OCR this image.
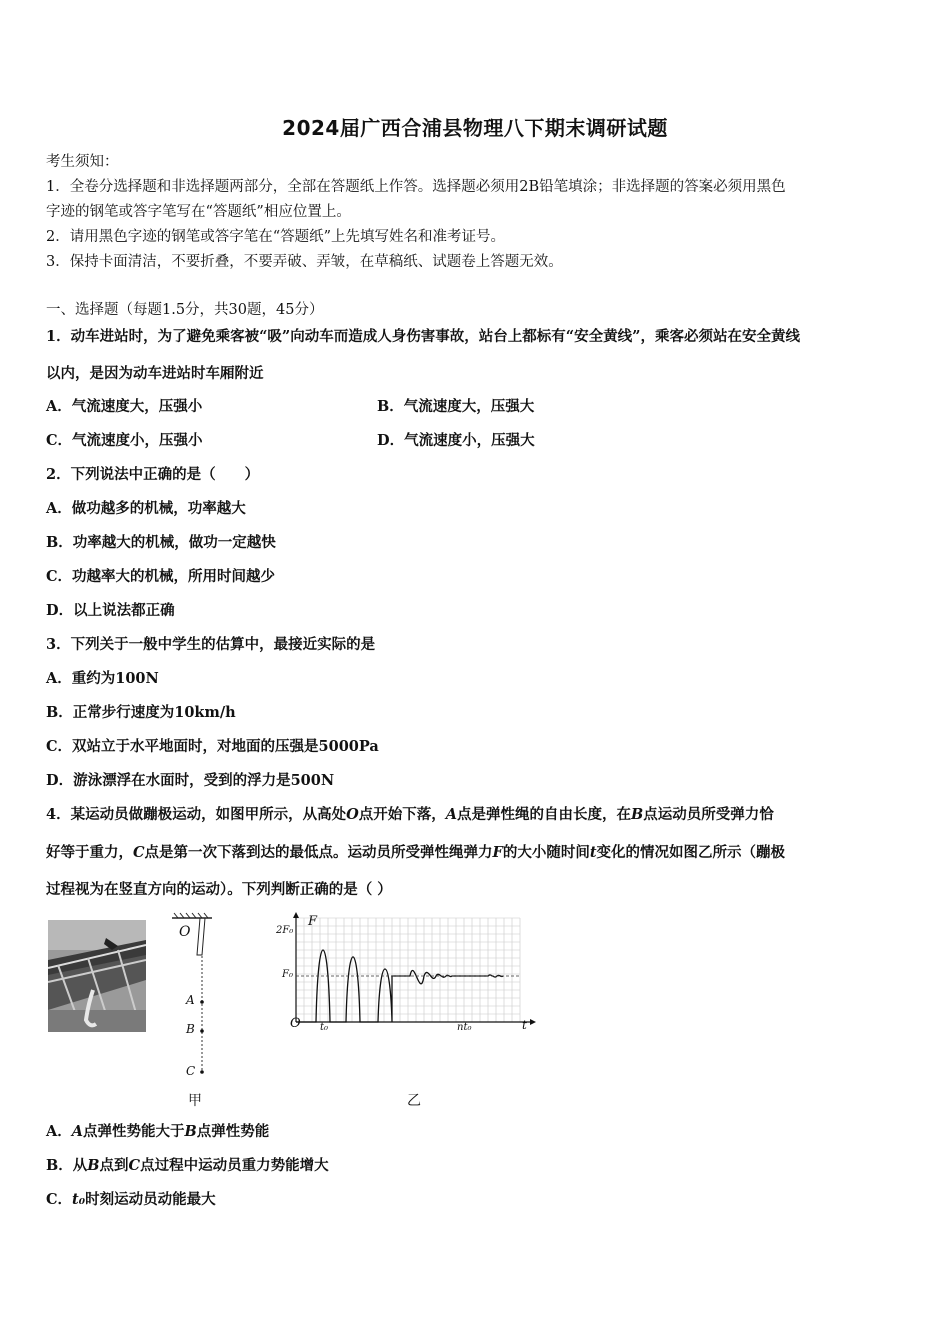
2024届广西合浦县物理八下期末调研试题
考生须知：
1．全卷分选择题和非选择题两部分，全部在答题纸上作答。选择题必须用2B铅笔填涂；非选择题的答案必须用黑色
字迹的钢笔或答字笔写在“答题纸”相应位置上。
2．请用黑色字迹的钢笔或答字笔在“答题纸”上先填写姓名和准考证号。
3．保持卡面清洁，不要折叠，不要弄破、弄皱，在草稿纸、试题卷上答题无效。
一、选择题（每题1.5分，共30题，45分）
1．动车进站时，为了避免乘客被“吸”向动车而造成人身伤害事故，站台上都标有“安全黄线”，乘客必须站在安全黄线
以内，是因为动车进站时车厢附近
A．气流速度大，压强小	B．气流速度大，压强大
C．气流速度小，压强小	D．气流速度小，压强大
2．下列说法中正确的是（　　）
A．做功越多的机械，功率越大
B．功率越大的机械，做功一定越快
C．功越率大的机械，所用时间越少
D．以上说法都正确
3．下列关于一般中学生的估算中，最接近实际的是
A．重约为100N
B．正常步行速度为10km/h
C．双站立于水平地面时，对地面的压强是5000Pa
D．游泳漂浮在水面时，受到的浮力是500N
4．某运动员做蹦极运动，如图甲所示，从高处O点开始下落，A点是弹性绳的自由长度，在B点运动员所受弹力恰
好等于重力，C点是第一次下落到达的最低点。运动员所受弹性绳弹力F的大小随时间t变化的情况如图乙所示（蹦极
过程视为在竖直方向的运动）。下列判断正确的是（ ）
O
A
B
C
甲
F
2F₀
F₀
O t₀	nt₀	t
乙
A．A点弹性势能大于B点弹性势能
B．从B点到C点过程中运动员重力势能增大
C．t₀时刻运动员动能最大
